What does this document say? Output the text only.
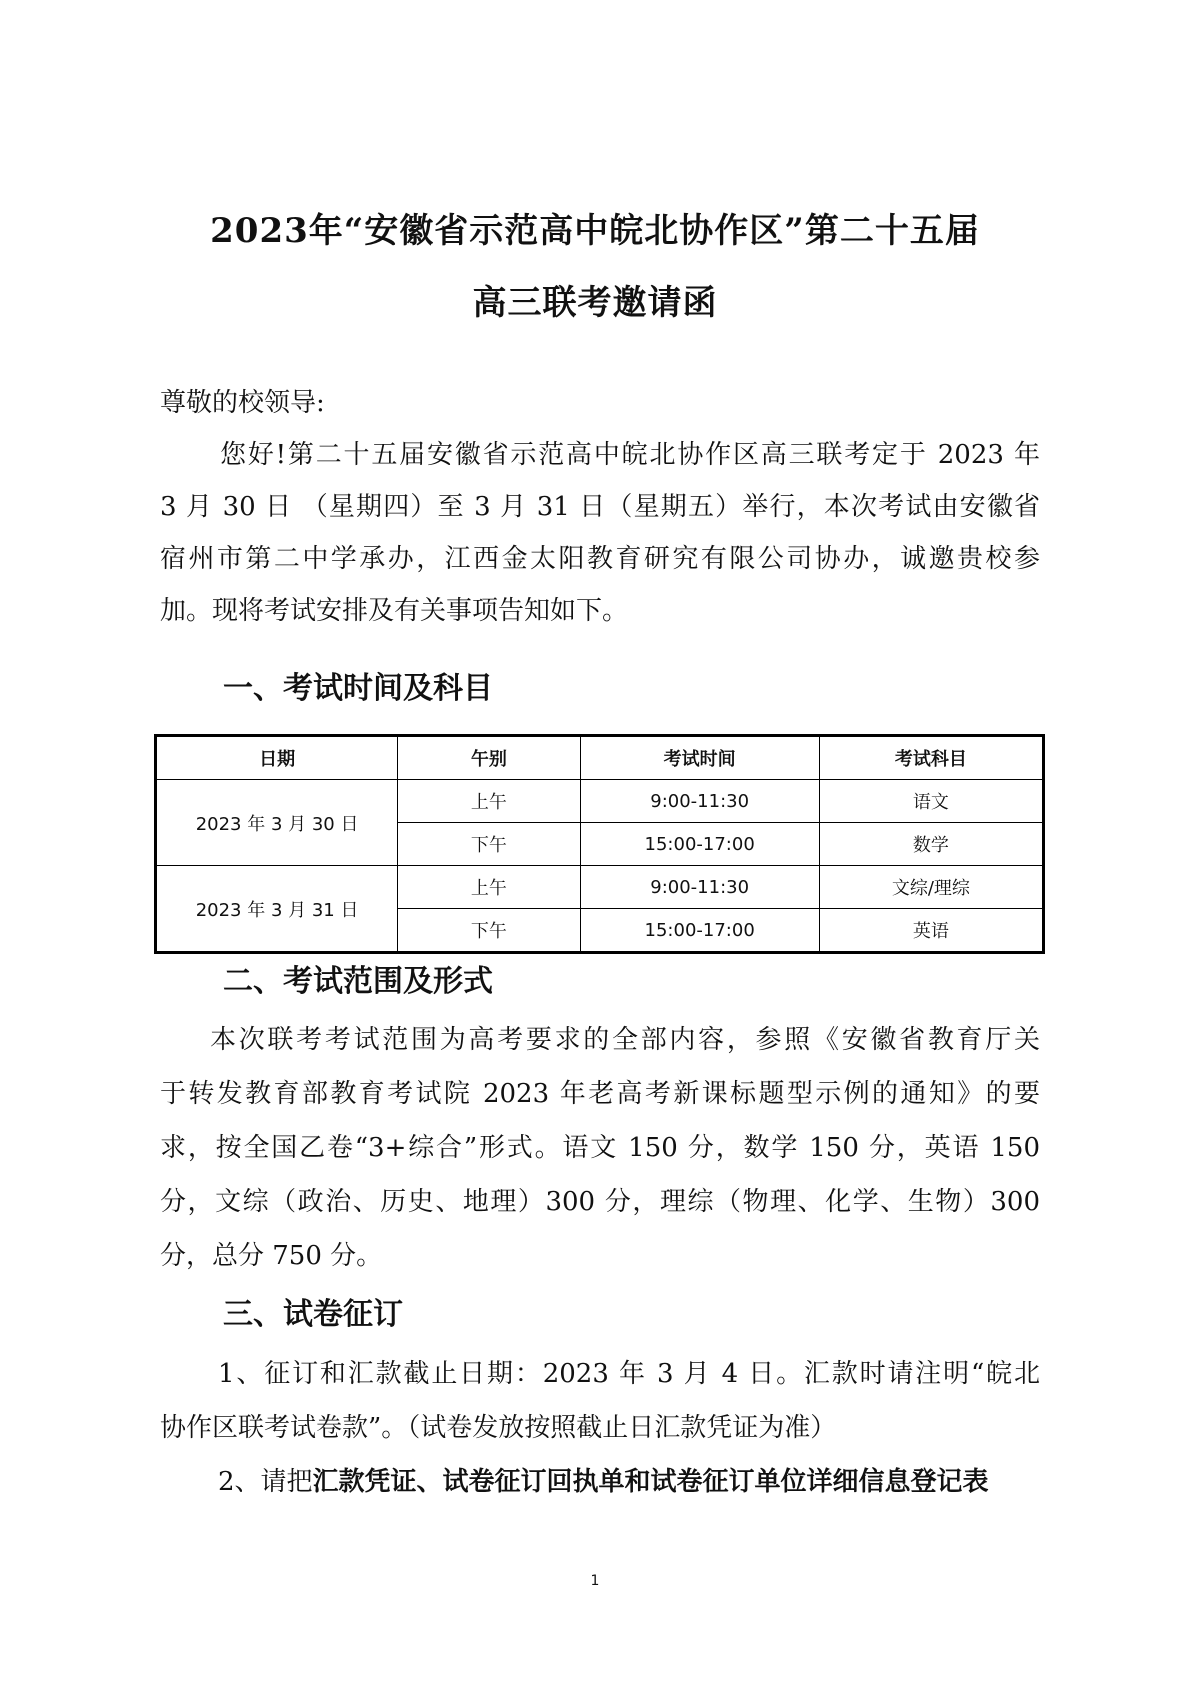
2023年“安徽省示范高中皖北协作区”第二十五届
高三联考邀请函
尊敬的校领导:
您好!第二十五届安徽省示范高中皖北协作区高三联考定于 2023 年
3 月 30 日 （星期四）至 3 月 31 日（星期五）举行，本次考试由安徽省
宿州市第二中学承办，江西金太阳教育研究有限公司协办，诚邀贵校参
加。现将考试安排及有关事项告知如下。
一、考试时间及科目
日期	午别	考试时间	考试科目
2023 年 3 月 30 日	上午	9:00-11:30	语文
	下午	15:00-17:00	数学
2023 年 3 月 31 日	上午	9:00-11:30	文综/理综
	下午	15:00-17:00	英语
二、考试范围及形式
本次联考考试范围为高考要求的全部内容，参照《安徽省教育厅关
于转发教育部教育考试院 2023 年老高考新课标题型示例的通知》的要
求，按全国乙卷“3+综合”形式。语文 150 分，数学 150 分，英语 150
分，文综（政治、历史、地理）300 分，理综（物理、化学、生物）300
分，总分 750 分。
三、试卷征订
1、征订和汇款截止日期：2023 年 3 月 4 日。汇款时请注明“皖北
协作区联考试卷款”。（试卷发放按照截止日汇款凭证为准）
2、请把汇款凭证、试卷征订回执单和试卷征订单位详细信息登记表
1
